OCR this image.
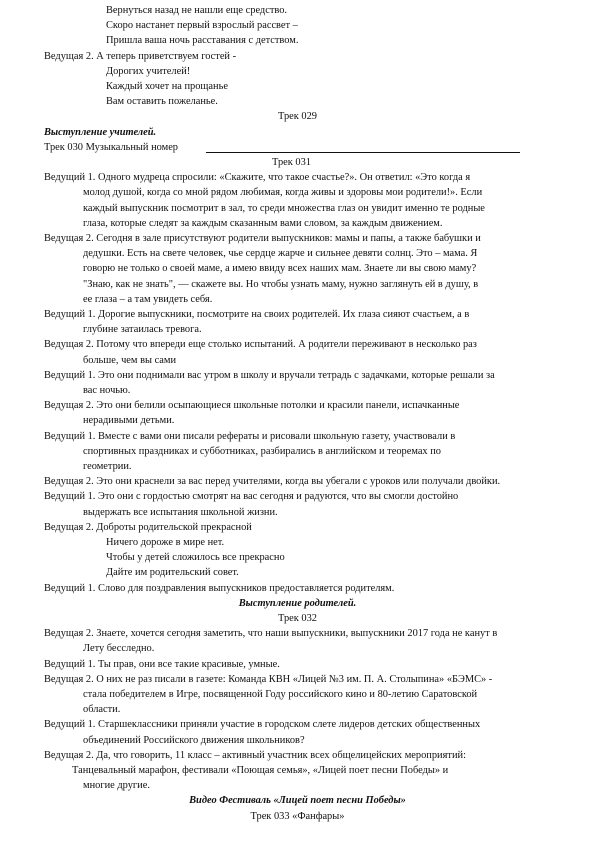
Вернуться назад не нашли еще средство.
Скоро настанет первый взрослый рассвет –
Пришла ваша ночь расставания с детством.
Ведущая 2. А теперь приветствуем гостей -
Дорогих учителей!
Каждый хочет на прощанье
Вам оставить пожеланье.
Трек 029
Выступление учителей.
Трек 030 Музыкальный номер
Трек 031
Ведущий 1. Одного мудреца спросили: «Скажите, что такое счастье?». Он ответил: «Это когда я
молод душой, когда со мной рядом любимая, когда живы и здоровы мои родители!». Если
каждый выпускник посмотрит в зал, то среди множества глаз он увидит именно те родные
глаза, которые следят за каждым сказанным вами словом, за каждым движением.
Ведущая 2. Сегодня в зале присутствуют родители выпускников: мамы и папы, а также бабушки и
дедушки. Есть на свете человек, чье сердце жарче и сильнее девяти солнц. Это – мама. Я
говорю не только о своей маме, а имею ввиду всех наших мам. Знаете ли вы свою маму?
"Знаю, как не знать", — скажете вы. Но чтобы узнать маму, нужно заглянуть ей в душу, в
ее глаза – а там увидеть себя.
Ведущий 1. Дорогие выпускники, посмотрите на своих родителей. Их глаза сияют счастьем, а в
глубине затаилась тревога.
Ведущая 2. Потому что впереди еще столько испытаний. А родители переживают в несколько раз
больше, чем вы сами
Ведущий 1. Это они поднимали вас утром в школу и вручали тетрадь с задачками, которые решали за
вас ночью.
Ведущая 2. Это они белили осыпающиеся школьные потолки и красили панели, испачканные
нерадивыми детьми.
Ведущий 1. Вместе с вами они писали рефераты и рисовали школьную газету, участвовали в
спортивных праздниках и субботниках, разбирались в английском и теоремах по
геометрии.
Ведущая 2. Это они краснели за вас перед учителями, когда вы убегали с уроков или получали двойки.
Ведущий 1. Это они с гордостью смотрят на вас сегодня и радуются, что вы смогли достойно
выдержать все испытания школьной жизни.
Ведущая 2. Доброты родительской прекрасной
Ничего дороже в мире нет.
Чтобы у детей сложилось все прекрасно
Дайте им родительский совет.
Ведущий 1. Слово для поздравления выпускников предоставляется родителям.
Выступление родителей.
Трек 032
Ведущая 2. Знаете, хочется сегодня заметить, что наши выпускники, выпускники 2017 года не канут в
Лету бесследно.
Ведущий 1. Ты прав, они все такие красивые, умные.
Ведущая 2. О них не раз писали в газете: Команда КВН «Лицей №3 им. П. А. Столыпина» «БЭМС» -
стала победителем в Игре, посвященной Году российского кино и 80-летию Саратовской
области.
Ведущий 1. Старшеклассники приняли участие в городском слете лидеров детских общественных
объединений Российского движения школьников?
Ведущая 2. Да, что говорить, 11 класс – активный участник всех общелицейских мероприятий:
Танцевальный марафон, фестивали «Поющая семья», «Лицей поет песни Победы» и
многие другие.
Видео Фестиваль «Лицей поет песни Победы»
Трек 033 «Фанфары»
